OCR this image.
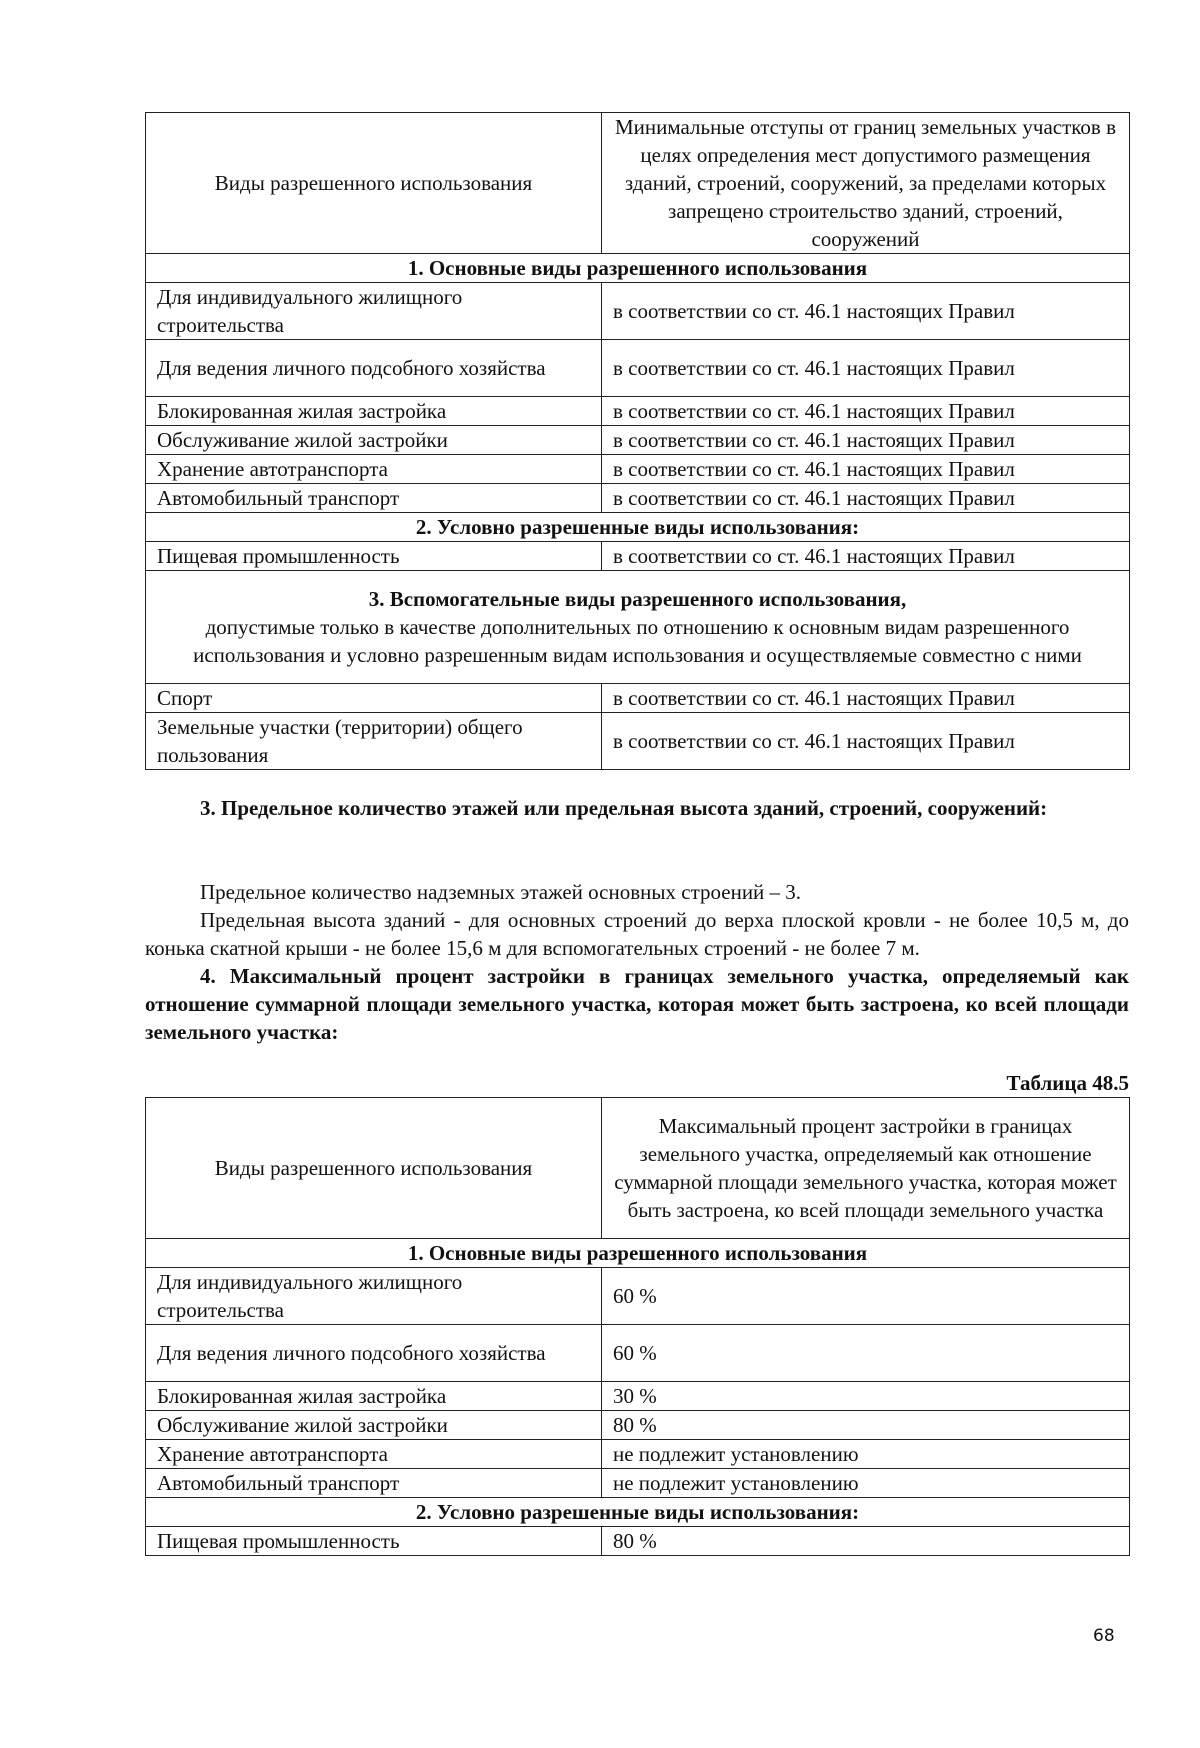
Виды разрешенного использования	Минимальные отступы от границ земельных участков в целях определения мест допустимого размещения зданий, строений, сооружений, за пределами которых запрещено строительство зданий, строений, сооружений
1. Основные виды разрешенного использования	
Для индивидуального жилищного строительства	в соответствии со ст. 46.1 настоящих Правил
Для ведения личного подсобного хозяйства	в соответствии со ст. 46.1 настоящих Правил
Блокированная жилая застройка	в соответствии со ст. 46.1 настоящих Правил
Обслуживание жилой застройки	в соответствии со ст. 46.1 настоящих Правил
Хранение автотранспорта	в соответствии со ст. 46.1 настоящих Правил
Автомобильный транспорт	в соответствии со ст. 46.1 настоящих Правил
2. Условно разрешенные виды использования:	
Пищевая промышленность	в соответствии со ст. 46.1 настоящих Правил
3. Вспомогательные виды разрешенного использования,
допустимые только в качестве дополнительных по отношению к основным видам разрешенного использования и условно разрешенным видам использования и осуществляемые совместно с ними	

Спорт	в соответствии со ст. 46.1 настоящих Правил
Земельные участки (территории) общего пользования	в соответствии со ст. 46.1 настоящих Правил
3. Предельное количество этажей или предельная высота зданий, строений, сооружений:
Предельное количество надземных этажей основных строений – 3.
Предельная высота зданий - для основных строений до верха плоской кровли - не более 10,5 м, до конька скатной крыши - не более 15,6 м для вспомогательных строений - не более 7 м.
4. Максимальный процент застройки в границах земельного участка, определяемый как отношение суммарной площади земельного участка, которая может быть застроена, ко всей площади земельного участка:
Таблица 48.5
Виды разрешенного использования	Максимальный процент застройки в границах земельного участка, определяемый как отношение суммарной площади земельного участка, которая может быть застроена, ко всей площади земельного участка
1. Основные виды разрешенного использования	
Для индивидуального жилищного строительства	60 %
Для ведения личного подсобного хозяйства	60 %
Блокированная жилая застройка	30 %
Обслуживание жилой застройки	80 %
Хранение автотранспорта	не подлежит установлению
Автомобильный транспорт	не подлежит установлению
2. Условно разрешенные виды использования:	
Пищевая промышленность	80 %
68
